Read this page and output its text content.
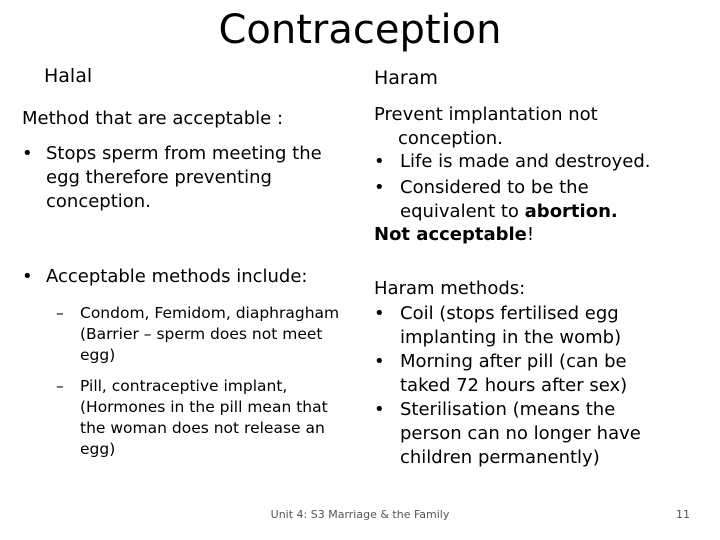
Contraception
Halal
Method that are acceptable :
• Stops sperm from meeting the egg therefore preventing conception.
• Acceptable methods include:
– Condom, Femidom, diaphragham (Barrier – sperm does not meet egg)
– Pill, contraceptive implant, (Hormones in the pill mean that the woman does not release an egg)
Haram
Prevent implantation not conception.
• Life is made and destroyed.
• Considered to be the equivalent to abortion.
Not acceptable!
Haram methods:
• Coil (stops fertilised egg implanting in the womb)
• Morning after pill (can be taked 72 hours after sex)
• Sterilisation (means the person can no longer have children permanently)
Unit 4: S3 Marriage & the Family	11
